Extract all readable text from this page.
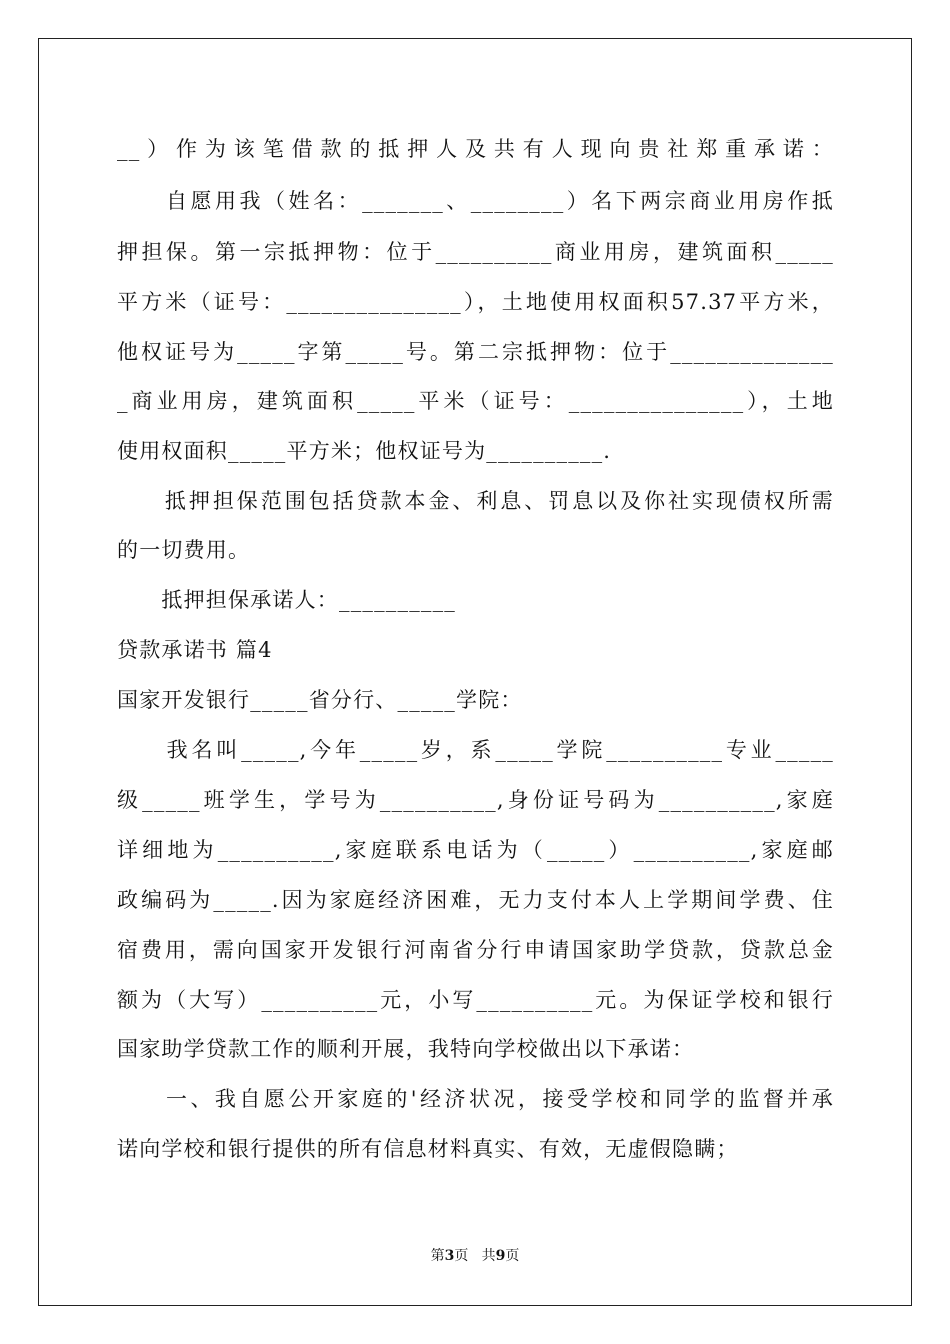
__）作为该笔借款的抵押人及共有人现向贵社郑重承诺：
　　自愿用我（姓名：_______、________）名下两宗商业用房作抵
押担保。第一宗抵押物：位于__________商业用房，建筑面积_____
平方米（证号：_______________），土地使用权面积57.37平方米，
他权证号为_____字第_____号。第二宗抵押物：位于______________
_商业用房，建筑面积_____平米（证号：_______________），土地
使用权面积_____平方米；他权证号为__________.
　　抵押担保范围包括贷款本金、利息、罚息以及你社实现债权所需
的一切费用。
　　抵押担保承诺人：__________
贷款承诺书 篇4
国家开发银行_____省分行、_____学院：
　　我名叫_____,今年_____岁，系_____学院__________专业_____
级_____班学生，学号为__________,身份证号码为__________,家庭
详细地为__________,家庭联系电话为（_____）__________,家庭邮
政编码为_____.因为家庭经济困难，无力支付本人上学期间学费、住
宿费用，需向国家开发银行河南省分行申请国家助学贷款，贷款总金
额为（大写）__________元，小写__________元。为保证学校和银行
国家助学贷款工作的顺利开展，我特向学校做出以下承诺：
　　一、我自愿公开家庭的'经济状况，接受学校和同学的监督并承
诺向学校和银行提供的所有信息材料真实、有效，无虚假隐瞒；
第3页 共9页
